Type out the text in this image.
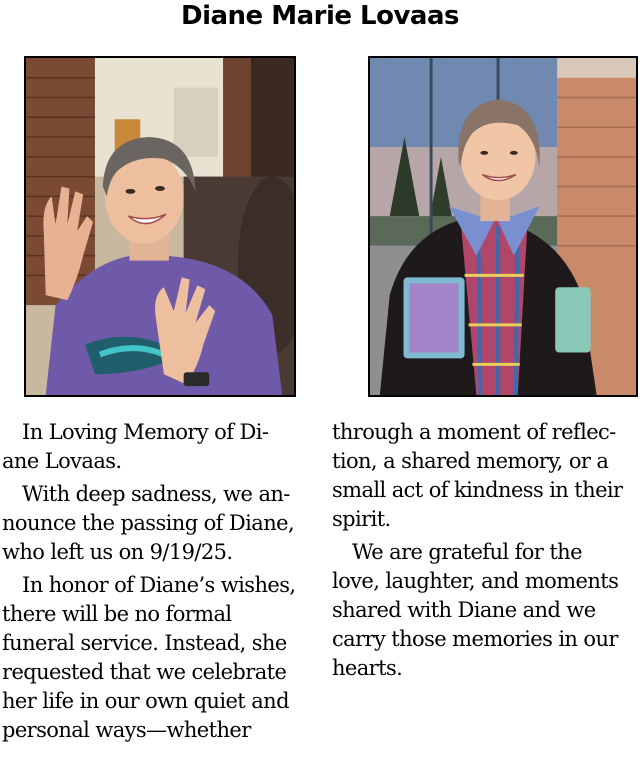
Diane Marie Lovaas
In Loving Memory of Di-
ane Lovaas.
With deep sadness, we an-
nounce the passing of Diane,
who left us on 9/19/25.
In honor of Diane’s wishes,
there will be no formal
funeral service. Instead, she
requested that we celebrate
her life in our own quiet and
personal ways—whether
through a moment of reflec-
tion, a shared memory, or a
small act of kindness in their
spirit.
We are grateful for the
love, laughter, and moments
shared with Diane and we
carry those memories in our
hearts.
